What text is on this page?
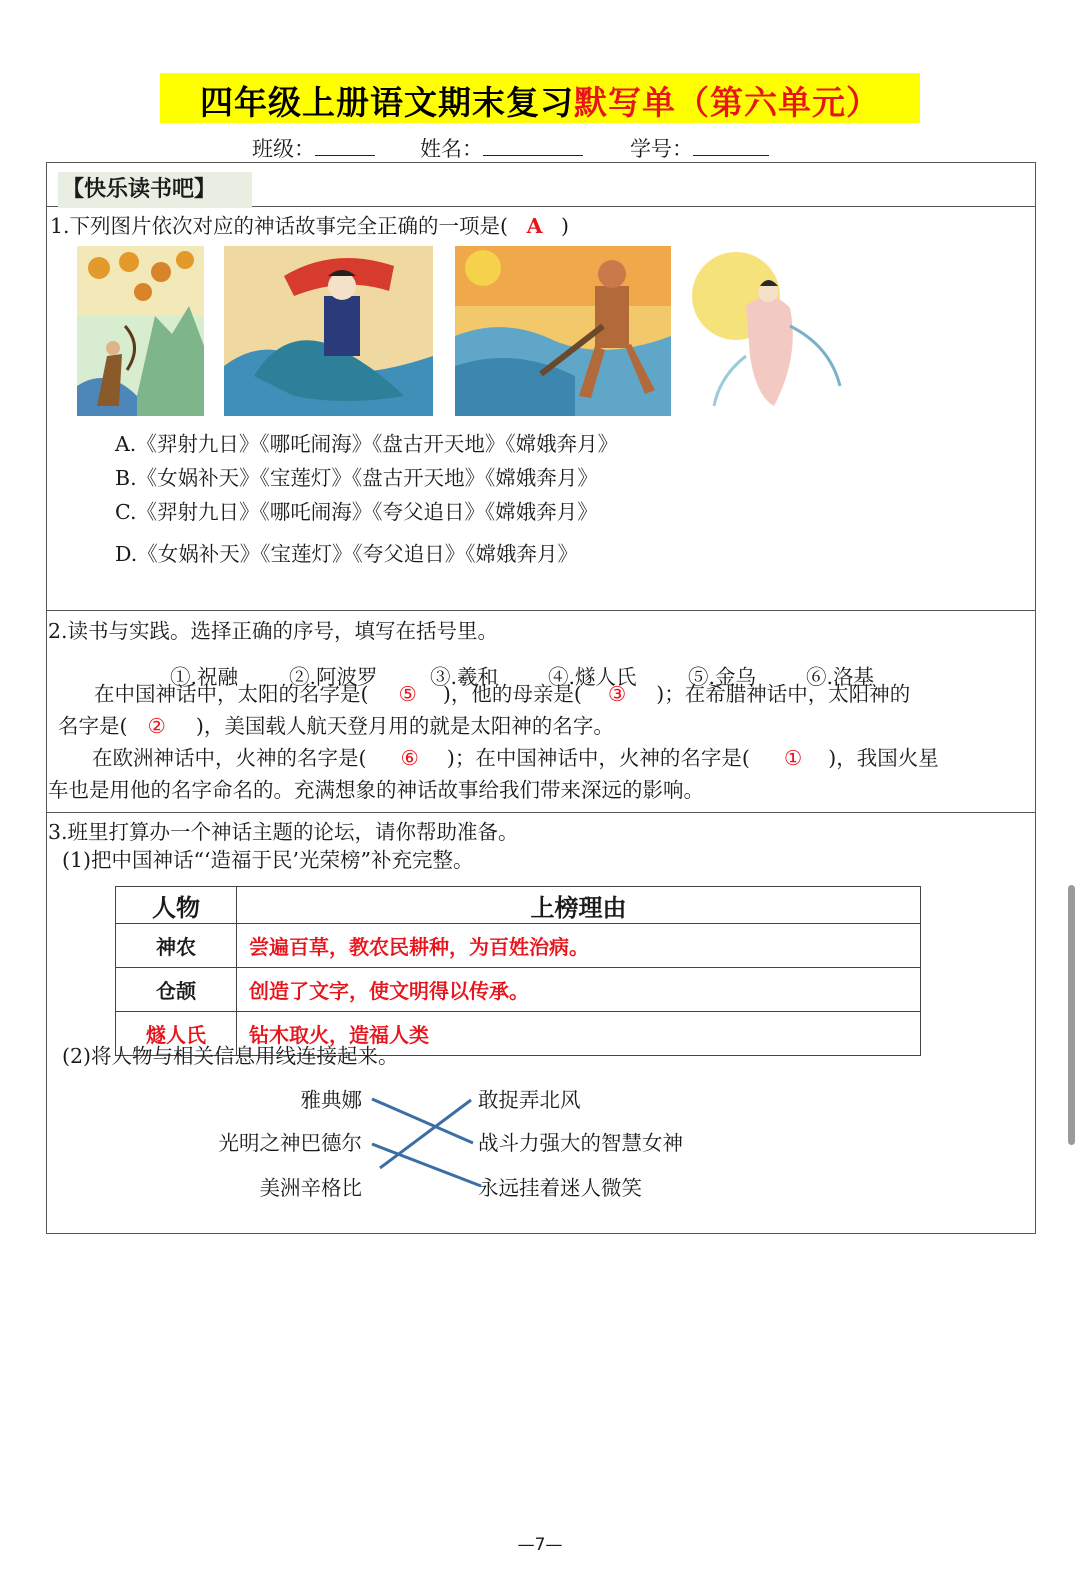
四年级上册语文期末复习默写单（第六单元）
班级：	姓名：	学号：
【快乐读书吧】
1.下列图片依次对应的神话故事完全正确的一项是( A )
A.《羿射九日》《哪吒闹海》《盘古开天地》《嫦娥奔月》
B.《女娲补天》《宝莲灯》《盘古开天地》《嫦娥奔月》
C.《羿射九日》《哪吒闹海》《夸父追日》《嫦娥奔月》
D.《女娲补天》《宝莲灯》《夸父追日》《嫦娥奔月》
2.读书与实践。选择正确的序号，填写在括号里。
①.祝融 ②.阿波罗	③.羲和 ④.燧人氏	⑤.金乌 ⑥.洛基
在中国神话中，太阳的名字是( ⑤ )，他的母亲是( ③ )；在希腊神话中，太阳神的
名字是( ② )，美国载人航天登月用的就是太阳神的名字。
在欧洲神话中，火神的名字是( ⑥ )；在中国神话中，火神的名字是( ① )，我国火星
车也是用他的名字命名的。充满想象的神话故事给我们带来深远的影响。
3.班里打算办一个神话主题的论坛，请你帮助准备。
(1)把中国神话“‘造福于民’光荣榜”补充完整。
人物	上榜理由
神农	尝遍百草，教农民耕种，为百姓治病。
仓颉	创造了文字，使文明得以传承。
燧人氏	钻木取火，造福人类
(2)将人物与相关信息用线连接起来。
雅典娜
光明之神巴德尔
美洲辛格比
敢捉弄北风
战斗力强大的智慧女神
永远挂着迷人微笑
—7—
